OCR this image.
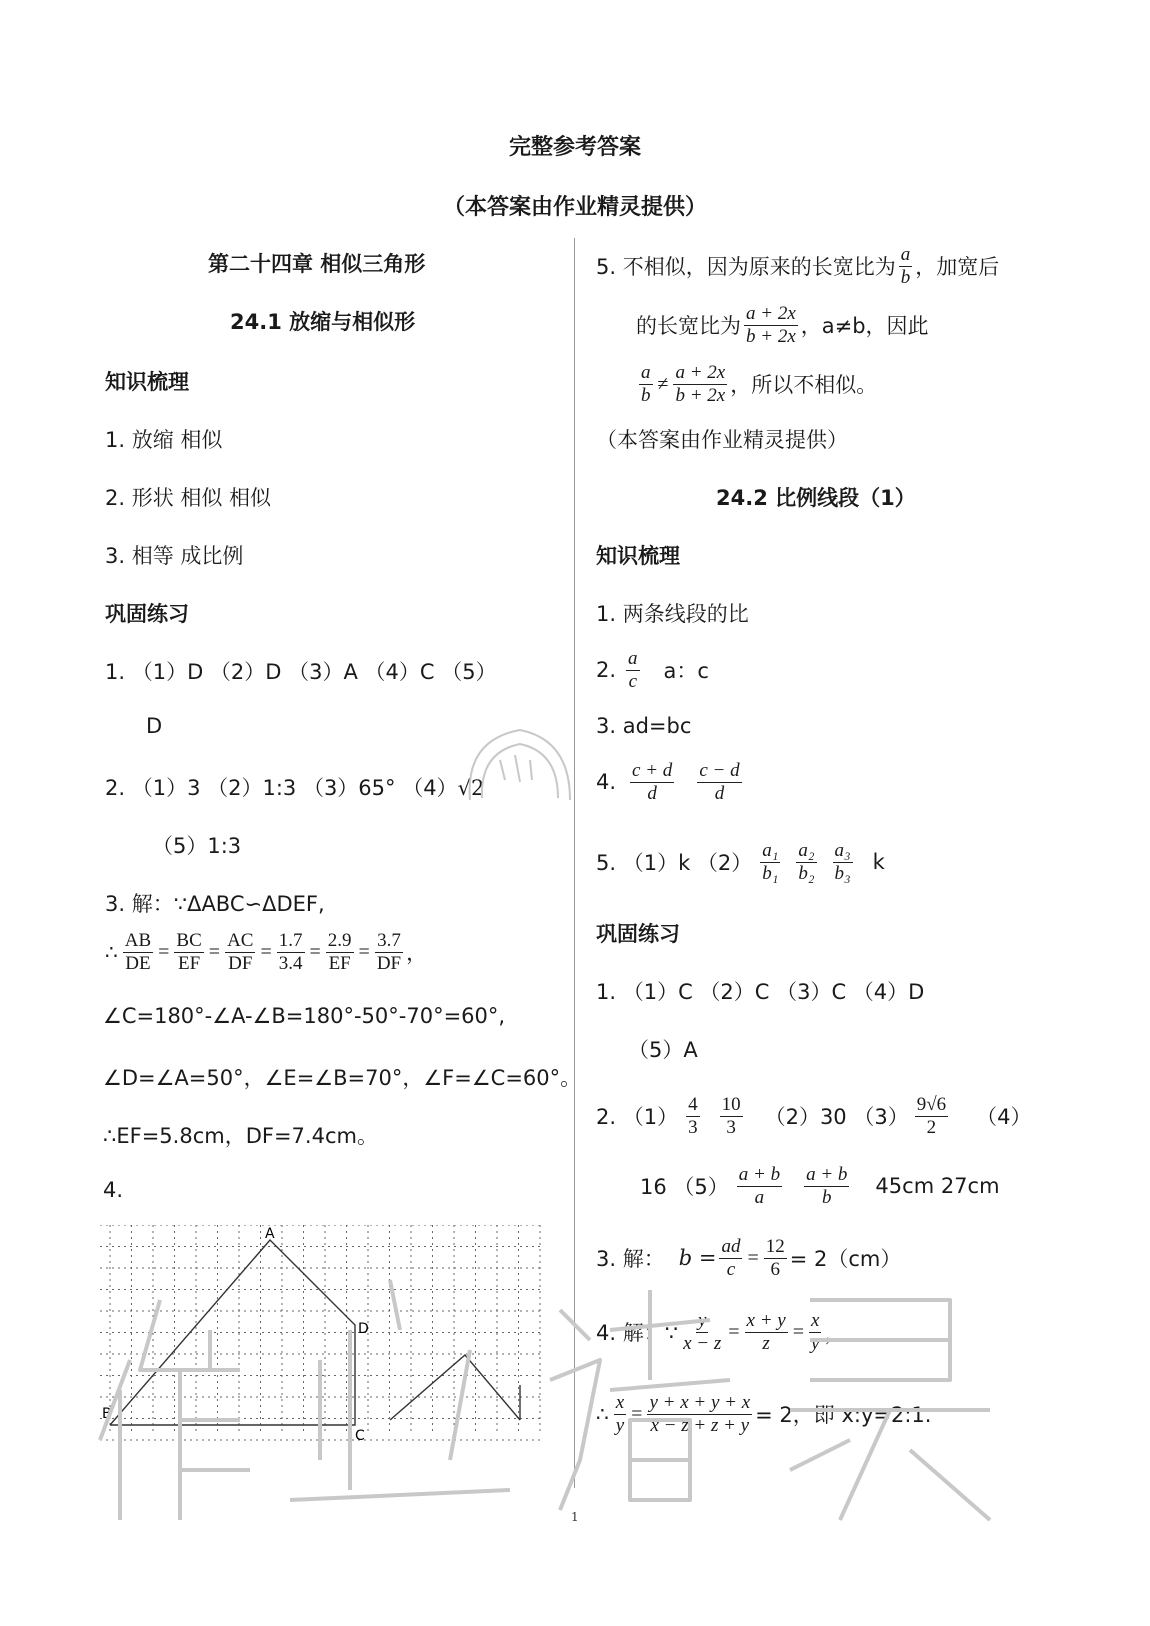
完整参考答案
（本答案由作业精灵提供）
第二十四章 相似三角形
24.1 放缩与相似形
知识梳理
1. 放缩 相似
2. 形状 相似 相似
3. 相等 成比例
巩固练习
1. （1）D （2）D （3）A （4）C （5）
D
2. （1）3 （2）1:3 （3）65° （4）√2
（5）1:3
3. 解：∵ΔABC∽ΔDEF,
∴ $\frac{AB}{DE} = \frac{BC}{EF} = \frac{AC}{DF} = \frac{1.7}{3.4} = \frac{2.9}{EF} = \frac{3.7}{DF}$ ，
∠C=180°-∠A-∠B=180°-50°-70°=60°,
∠D=∠A=50°，∠E=∠B=70°，∠F=∠C=60°。
∴EF=5.8cm，DF=7.4cm。
4.
A
B
C
D
5. 不相似，因为原来的长宽比为 $\frac{a}{b}$ ，加宽后
的长宽比为 $\frac{a + 2x}{b + 2x}$ ，a≠b，因此
$\frac{a}{b} \ne \frac{a + 2x}{b + 2x}$ ，所以不相似。
（本答案由作业精灵提供）
24.2 比例线段（1）
知识梳理
1. 两条线段的比
2. $\frac{a}{c}$ a：c
3. ad=bc
4. $\frac{c + d}{d} \frac{c - d}{d}$
5. （1）k $(2) \frac{\text{a₁}}{\text{b₁}} \frac{\text{a₂}}{\text{b₂}} \frac{\text{a₃}}{\text{b₃}}$ k
巩固练习
1. （1）C （2）C （3）C （4）D
（5）A
2. $(1) \frac{4}{3} \frac{10}{3} (2)30$ $(3) \frac{9√6}{2} (4)$
16 $(5) \frac{a + b}{a} \frac{a + b}{b} 45cm$ 27cm
3. 解： $b = \frac{ad}{c} = \frac{12}{6} = 2(cm)$
4. 解：∵ $\frac{y}{x - z} = \frac{x + y}{z} = \frac{x}{y}$ ，
∴ $\frac{x}{y} = \frac{y + x + y + x}{x - z + z + y} = 2$，即 x:y=2:1.
1
